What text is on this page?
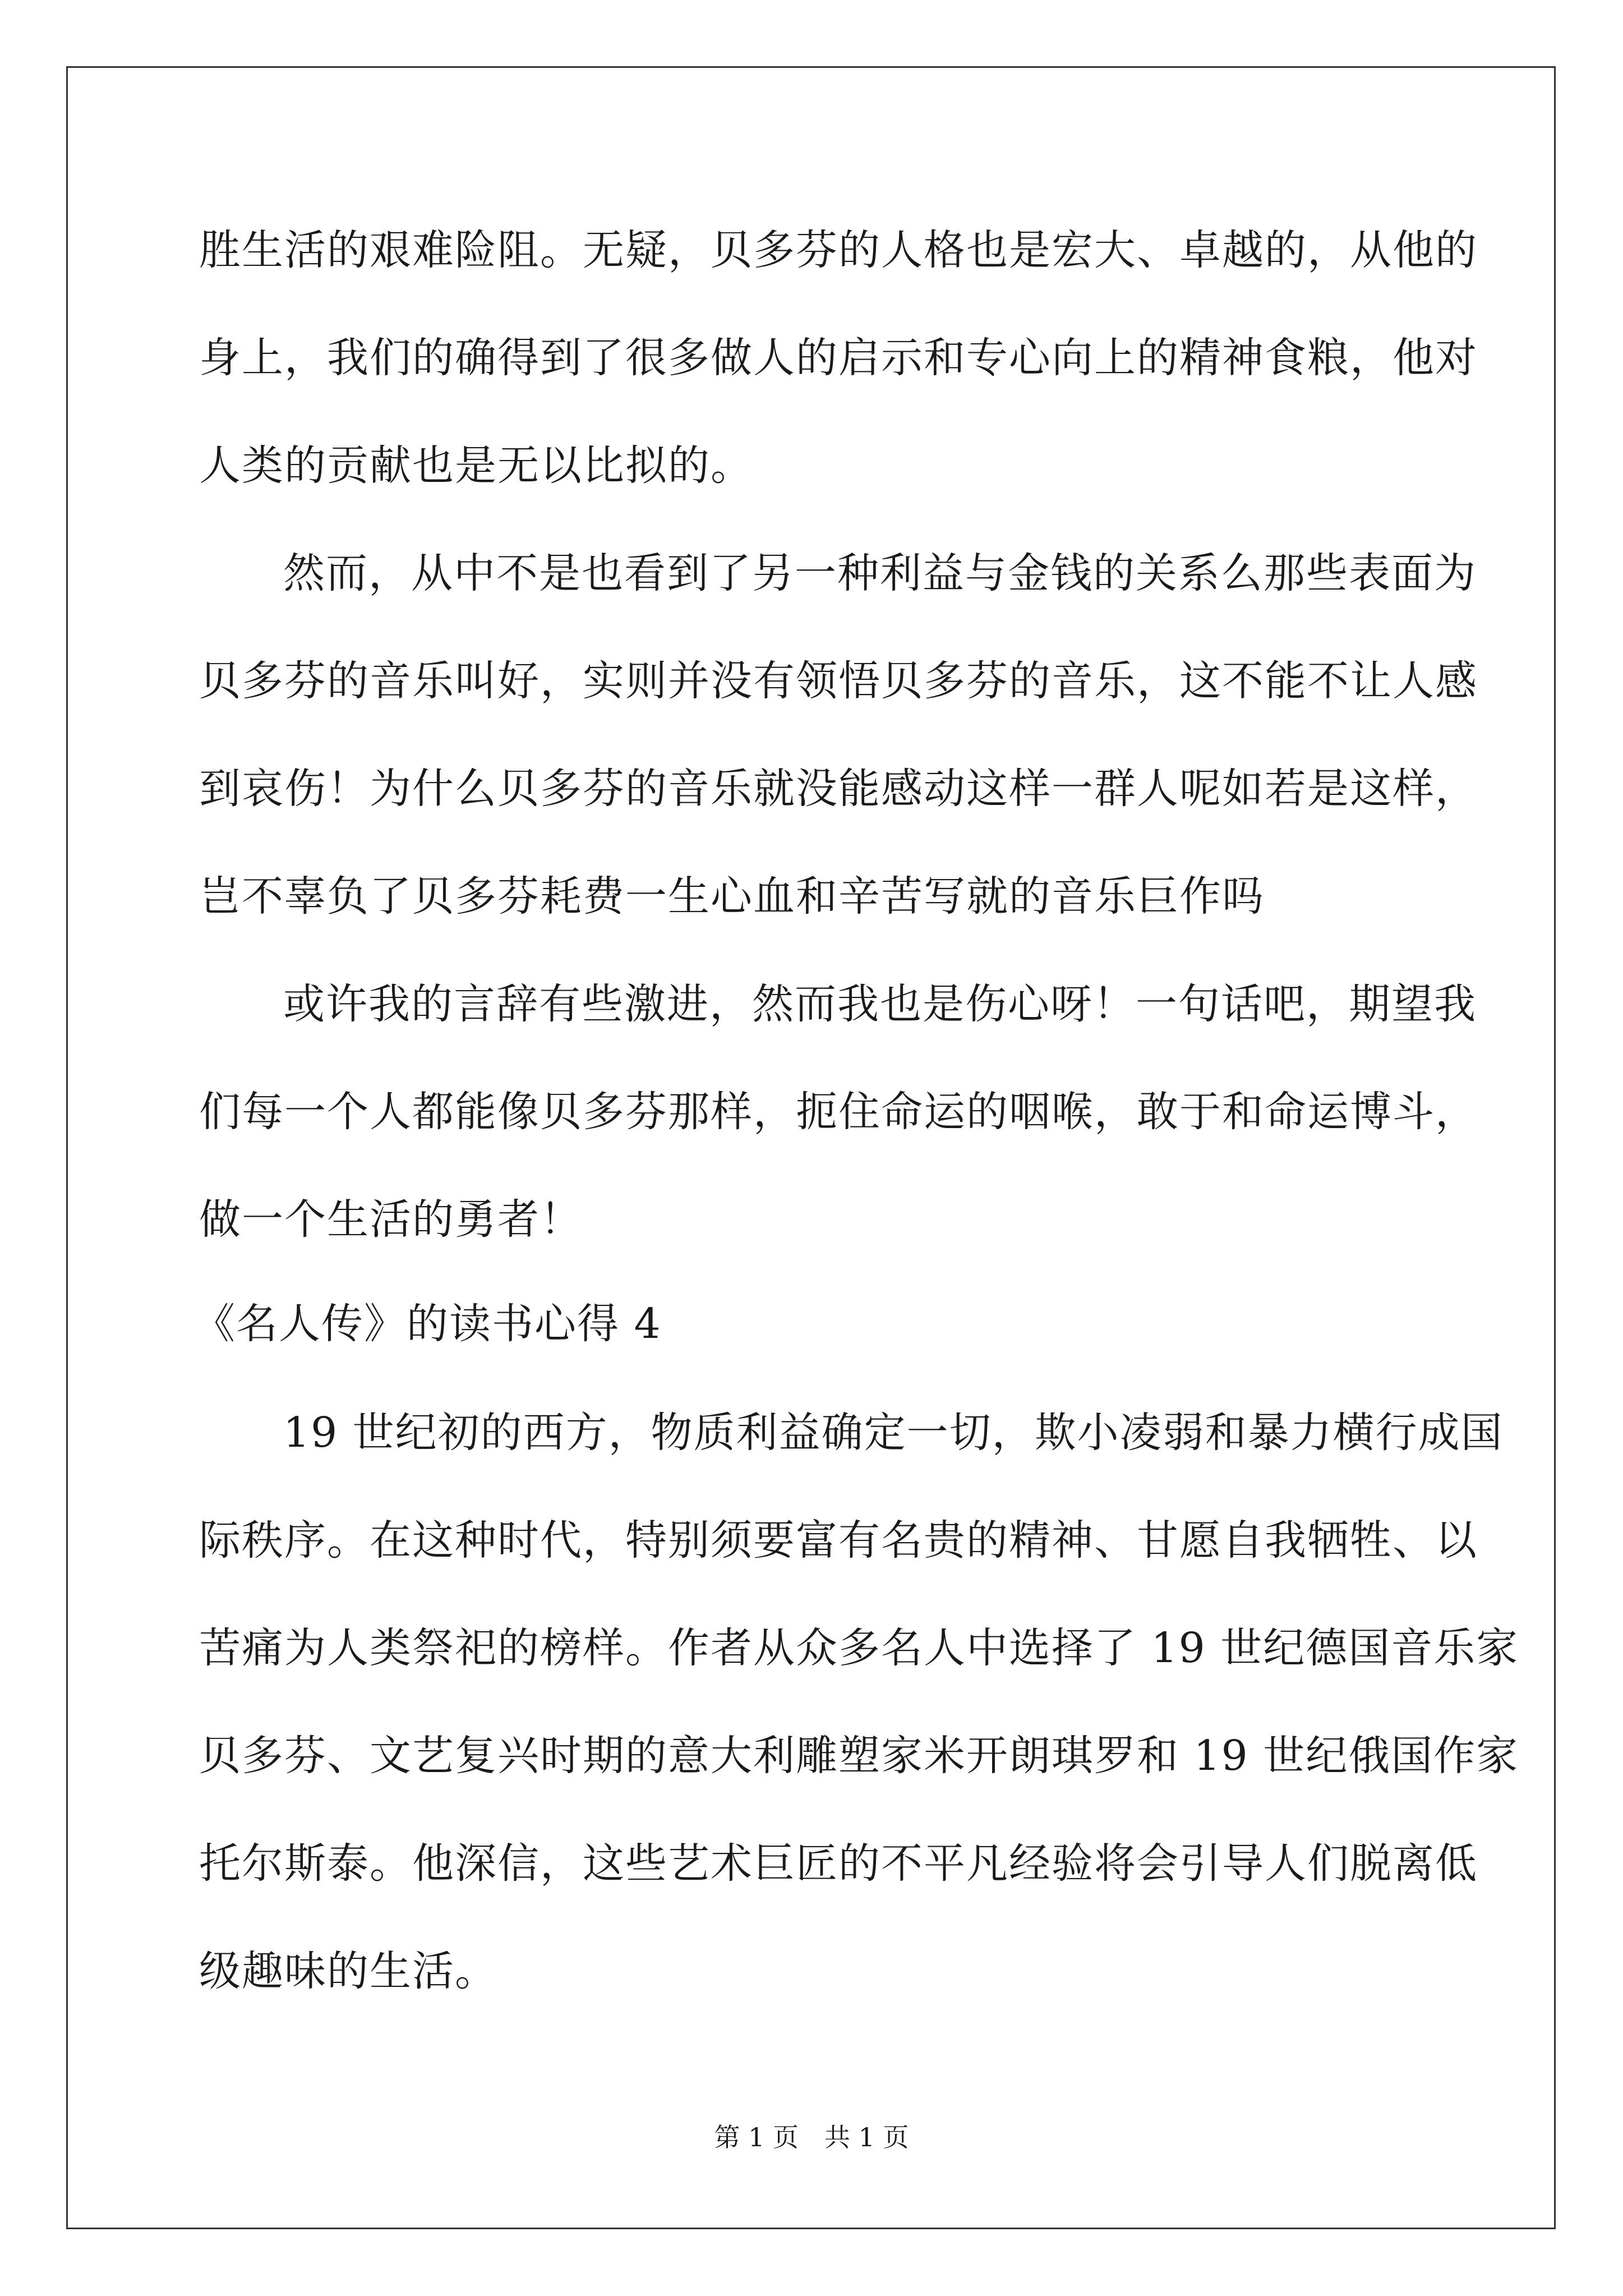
胜生活的艰难险阻。无疑，贝多芬的人格也是宏大、卓越的，从他的
身上，我们的确得到了很多做人的启示和专心向上的精神食粮，他对
人类的贡献也是无以比拟的。
然而，从中不是也看到了另一种利益与金钱的关系么那些表面为
贝多芬的音乐叫好，实则并没有领悟贝多芬的音乐，这不能不让人感
到哀伤！为什么贝多芬的音乐就没能感动这样一群人呢如若是这样，
岂不辜负了贝多芬耗费一生心血和辛苦写就的音乐巨作吗
或许我的言辞有些激进，然而我也是伤心呀！一句话吧，期望我
们每一个人都能像贝多芬那样，扼住命运的咽喉，敢于和命运博斗，
做一个生活的勇者！
《名人传》的读书心得 4
19 世纪初的西方，物质利益确定一切，欺小凌弱和暴力横行成国
际秩序。在这种时代，特别须要富有名贵的精神、甘愿自我牺牲、以
苦痛为人类祭祀的榜样。作者从众多名人中选择了 19 世纪德国音乐家
贝多芬、文艺复兴时期的意大利雕塑家米开朗琪罗和 19 世纪俄国作家
托尔斯泰。他深信，这些艺术巨匠的不平凡经验将会引导人们脱离低
级趣味的生活。
第 1 页　共 1 页
